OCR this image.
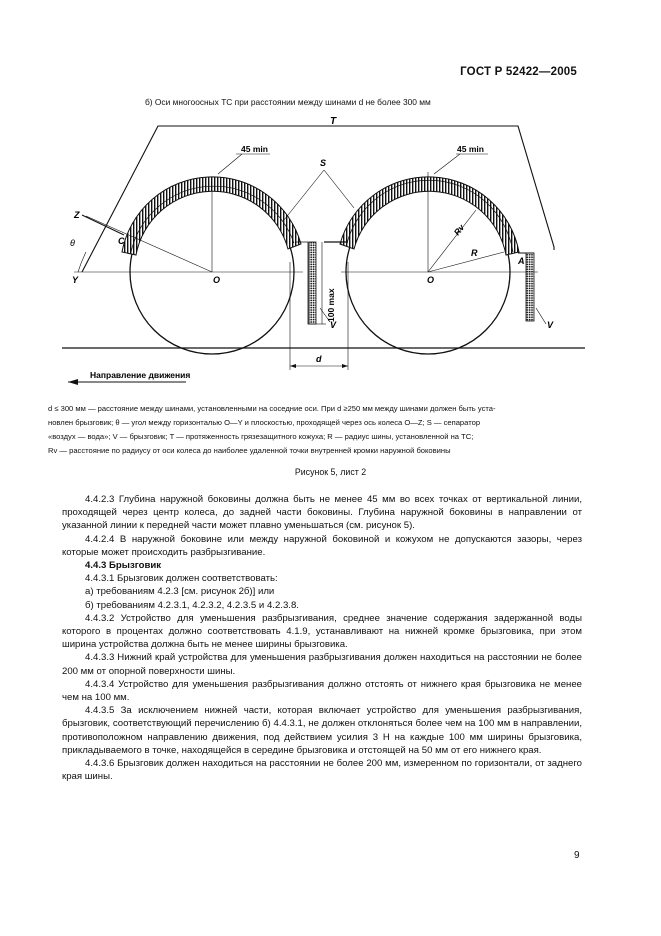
ГОСТ Р 52422—2005
б) Оси многоосных ТС при расстоянии между шинами d не более 300 мм
T
S
45 min	45 min
Z
C
θ
Y	O	O
Rv
R
A
V	V
100 max
d
Направление движения

d ≤ 300 мм — расстояние между шинами, установленными на соседние оси. При d ≥250 мм между шинами должен быть уста-

новлен брызговик; θ — угол между горизонталью O—Y и плоскостью, проходящей через ось колеса O—Z; S — сепаратор

«воздух — вода»; V — брызговик; T — протяженность грязезащитного кожуха; R — радиус шины, установленной на ТС;

Rv — расстояние по радиусу от оси колеса до наиболее удаленной точки внутренней кромки наружной боковины

Рисунок 5, лист 2

4.4.2.3 Глубина наружной боковины должна быть не менее 45 мм во всех точках от вертикальной линии, проходящей через центр колеса, до задней части боковины. Глубина наружной боковины в направлении от указанной линии к передней части может плавно уменьшаться (см. рисунок 5).

4.4.2.4 В наружной боковине или между наружной боковиной и кожухом не допускаются зазоры, через которые может происходить разбрызгивание.

4.4.3 Брызговик

4.4.3.1 Брызговик должен соответствовать:

а) требованиям 4.2.3 [см. рисунок 2б)] или

б) требованиям 4.2.3.1, 4.2.3.2, 4.2.3.5 и 4.2.3.8.

4.4.3.2 Устройство для уменьшения разбрызгивания, среднее значение содержания задержанной воды которого в процентах должно соответствовать 4.1.9, устанавливают на нижней кромке брызговика, при этом ширина устройства должна быть не менее ширины брызговика.

4.4.3.3 Нижний край устройства для уменьшения разбрызгивания должен находиться на расстоянии не более 200 мм от опорной поверхности шины.

4.4.3.4 Устройство для уменьшения разбрызгивания должно отстоять от нижнего края брызговика не менее чем на 100 мм.

4.4.3.5 За исключением нижней части, которая включает устройство для уменьшения разбрызгивания, брызговик, соответствующий перечислению б) 4.4.3.1, не должен отклоняться более чем на 100 мм в направлении, противоположном направлению движения, под действием усилия 3 Н на каждые 100 мм ширины брызговика, прикладываемого в точке, находящейся в середине брызговика и отстоящей на 50 мм от его нижнего края.

4.4.3.6 Брызговик должен находиться на расстоянии не более 200 мм, измеренном по горизонтали, от заднего края шины.

9
